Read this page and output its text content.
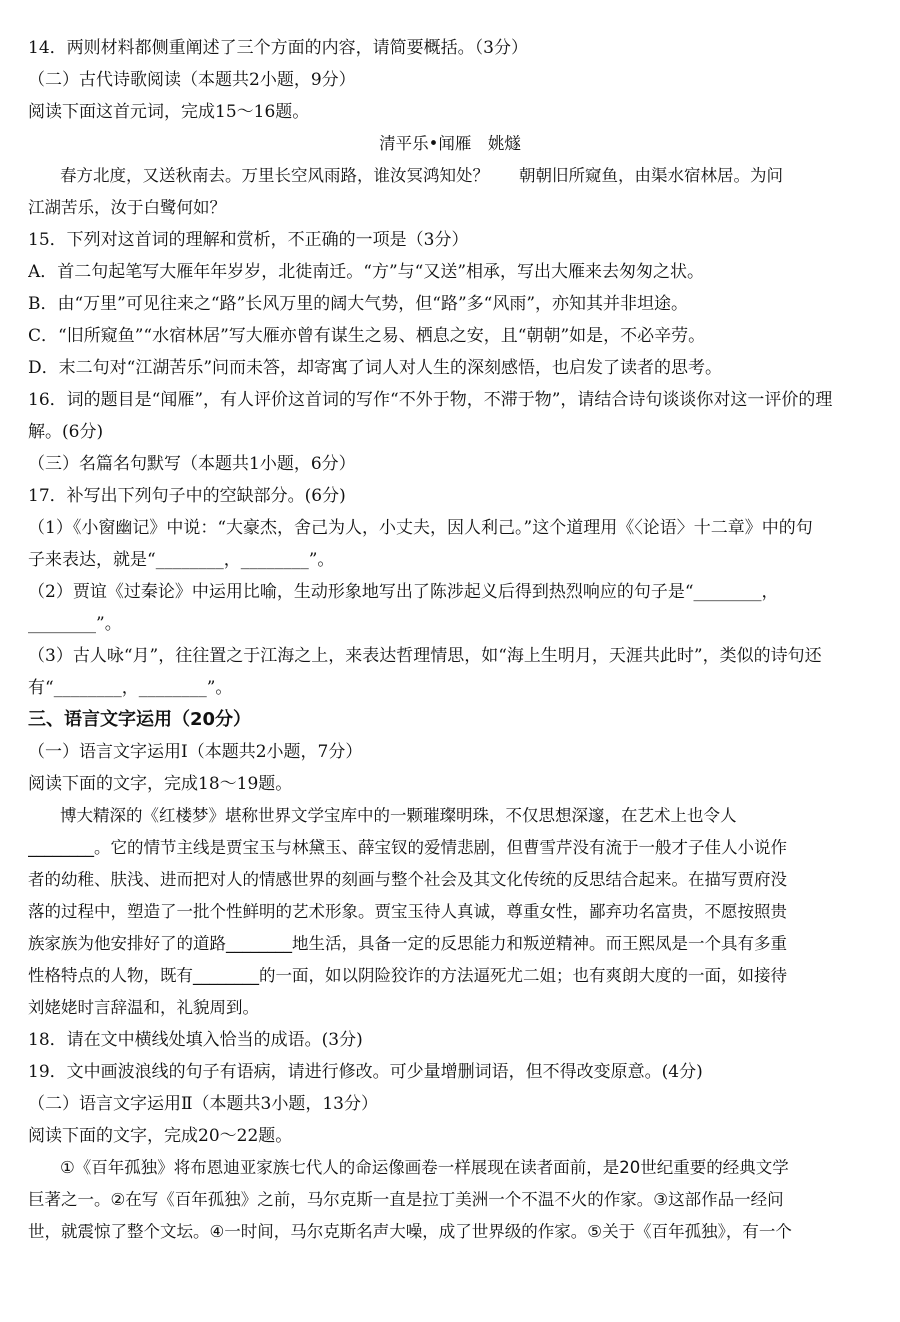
14．两则材料都侧重阐述了三个方面的内容，请简要概括。（3分）
（二）古代诗歌阅读（本题共2小题，9分）
阅读下面这首元词，完成15～16题。
清平乐•闻雁　姚燧
春方北度，又送秋南去。万里长空风雨路，谁汝冥鸿知处？ 朝朝旧所窥鱼，由渠水宿林居。为问
江湖苦乐，汝于白鹭何如？
15．下列对这首词的理解和赏析，不正确的一项是（3分）
A．首二句起笔写大雁年年岁岁，北徙南迁。“方”与“又送”相承，写出大雁来去匆匆之状。
B．由“万里”可见往来之“路”长风万里的阔大气势，但“路”多“风雨”，亦知其并非坦途。
C．“旧所窥鱼”“水宿林居”写大雁亦曾有谋生之易、栖息之安，且“朝朝”如是，不必辛劳。
D．末二句对“江湖苦乐”问而未答，却寄寓了词人对人生的深刻感悟，也启发了读者的思考。
16．词的题目是“闻雁”，有人评价这首词的写作“不外于物，不滞于物”，请结合诗句谈谈你对这一评价的理
解。(6分)
（三）名篇名句默写（本题共1小题，6分）
17．补写出下列句子中的空缺部分。(6分)
（1）《小窗幽记》中说：“大豪杰，舍己为人，小丈夫，因人利己。”这个道理用《〈论语〉十二章》中的句
子来表达，就是“________，________”。
（2）贾谊《过秦论》中运用比喻，生动形象地写出了陈涉起义后得到热烈响应的句子是“________，
________”。
（3）古人咏“月”，往往置之于江海之上，来表达哲理情思，如“海上生明月，天涯共此时”，类似的诗句还
有“________，________”。
三、语言文字运用（20分）
（一）语言文字运用Ⅰ（本题共2小题，7分）
阅读下面的文字，完成18～19题。
博大精深的《红楼梦》堪称世界文学宝库中的一颗璀璨明珠，不仅思想深邃，在艺术上也令人
________。它的情节主线是贾宝玉与林黛玉、薛宝钗的爱情悲剧，但曹雪芹没有流于一般才子佳人小说作
者的幼稚、肤浅、进而把对人的情感世界的刻画与整个社会及其文化传统的反思结合起来。在描写贾府没
落的过程中，塑造了一批个性鲜明的艺术形象。贾宝玉待人真诚，尊重女性，鄙弃功名富贵，不愿按照贵
族家族为他安排好了的道路________地生活，具备一定的反思能力和叛逆精神。而王熙凤是一个具有多重
性格特点的人物，既有________的一面，如以阴险狡诈的方法逼死尤二姐；也有爽朗大度的一面，如接待
刘姥姥时言辞温和，礼貌周到。
18．请在文中横线处填入恰当的成语。(3分)
19．文中画波浪线的句子有语病，请进行修改。可少量增删词语，但不得改变原意。(4分)
（二）语言文字运用Ⅱ（本题共3小题，13分）
阅读下面的文字，完成20～22题。
①《百年孤独》将布恩迪亚家族七代人的命运像画卷一样展现在读者面前，是20世纪重要的经典文学
巨著之一。②在写《百年孤独》之前，马尔克斯一直是拉丁美洲一个不温不火的作家。③这部作品一经问
世，就震惊了整个文坛。④一时间，马尔克斯名声大噪，成了世界级的作家。⑤关于《百年孤独》，有一个
